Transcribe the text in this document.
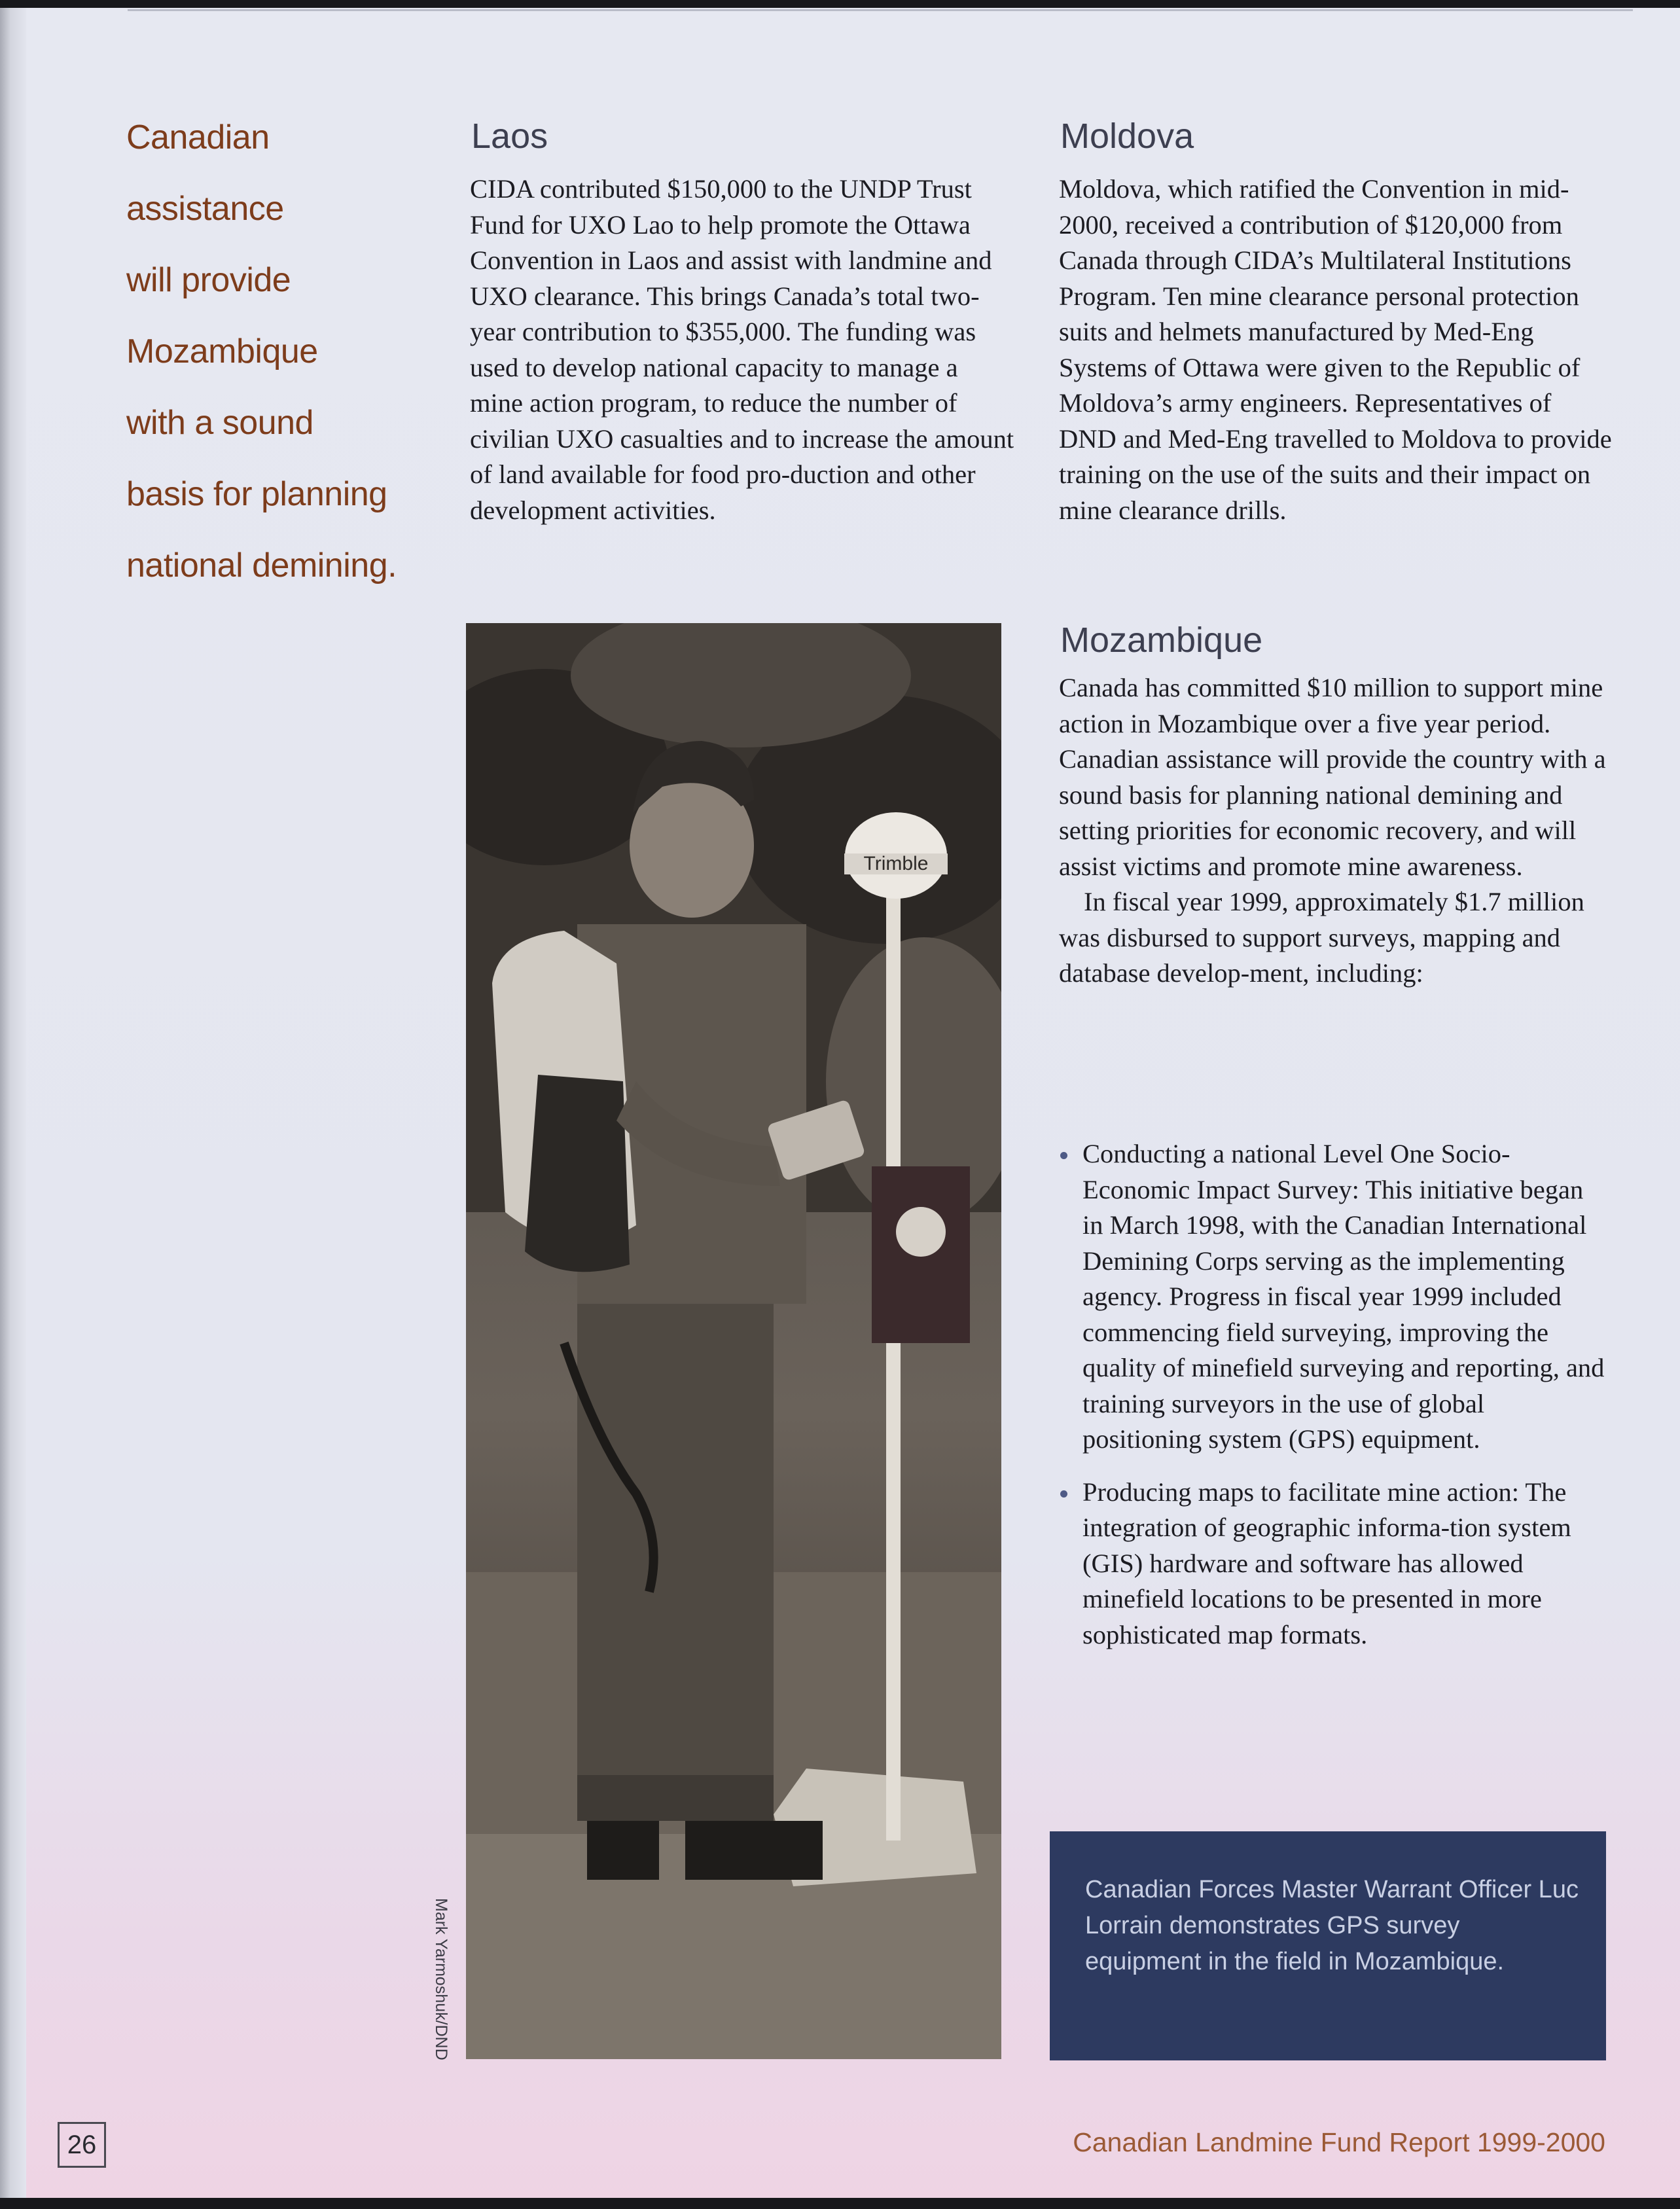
Canadian
assistance
will provide
Mozambique
with a sound
basis for planning
national demining.
Laos

CIDA contributed $150,000 to the UNDP Trust Fund for UXO Lao to help promote the Ottawa Convention in Laos and assist with landmine and UXO clearance. This brings Canada’s total two-year contribution to $355,000. The funding was used to develop national capacity to manage a mine action program, to reduce the number of civilian UXO casualties and to increase the amount of land available for food pro-duction and other development activities.

Moldova

Moldova, which ratified the Convention in mid-2000, received a contribution of $120,000 from Canada through CIDA’s Multilateral Institutions Program. Ten mine clearance personal protection suits and helmets manufactured by Med-Eng Systems of Ottawa were given to the Republic of Moldova’s army engineers. Representatives of DND and Med-Eng travelled to Moldova to provide training on the use of the suits and their impact on mine clearance drills.

Mozambique

Canada has committed $10 million to support mine action in Mozambique over a five year period. Canadian assistance will provide the country with a sound basis for planning national demining and setting priorities for economic recovery, and will assist victims and promote mine awareness.

In fiscal year 1999, approximately $1.7 million was disbursed to support surveys, mapping and database develop-ment, including:

Conducting a national Level One Socio-Economic Impact Survey: This initiative began in March 1998, with the Canadian International Demining Corps serving as the implementing agency. Progress in fiscal year 1999 included commencing field surveying, improving the quality of minefield surveying and reporting, and training surveyors in the use of global positioning system (GPS) equipment.
Producing maps to facilitate mine action: The integration of geographic informa-tion system (GIS) hardware and software has allowed minefield locations to be presented in more sophisticated map formats.
Trimble
Mark Yarmoshuk/DND
Canadian Forces Master Warrant Officer Luc Lorrain demonstrates GPS survey equipment in the field in Mozambique.
26	Canadian Landmine Fund Report 1999-2000
